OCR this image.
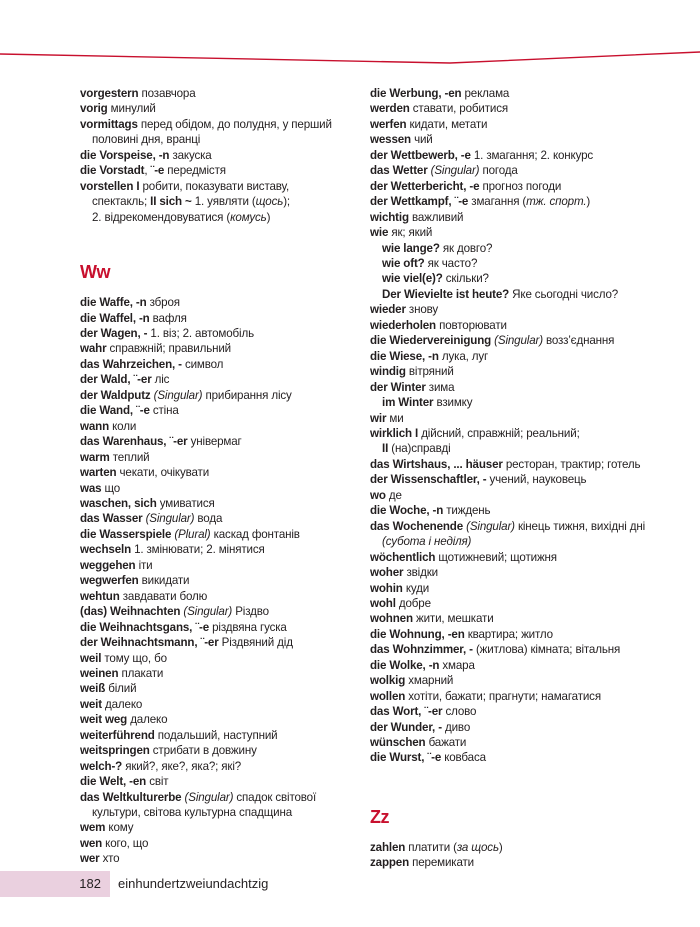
vorgestern позавчора
vorig минулий
vormittags перед обідом, до полудня, у перший
половині дня, вранці
die Vorspeise, -n закуска
die Vorstadt, ¨-e передмістя
vorstellen I робити, показувати виставу,
спектакль; II sich ~ 1. уявляти (щось);
2. відрекомендовуватися (комусь)
Ww
die Waffe, -n зброя
die Waffel, -n вафля
der Wagen, - 1. віз; 2. автомобіль
wahr справжній; правильний
das Wahrzeichen, - символ
der Wald, ¨-er ліс
der Waldputz (Singular) прибирання лісу
die Wand, ¨-e стіна
wann коли
das Warenhaus, ¨-er універмаг
warm теплий
warten чекати, очікувати
was що
waschen, sich умиватися
das Wasser (Singular) вода
die Wasserspiele (Plural) каскад фонтанів
wechseln 1. змінювати; 2. мінятися
weggehen іти
wegwerfen викидати
wehtun завдавати болю
(das) Weihnachten (Singular) Різдво
die Weihnachtsgans, ¨-e різдвяна гуска
der Weihnachtsmann, ¨-er Різдвяний дід
weil тому що, бо
weinen плакати
weiß білий
weit далеко
weit weg далеко
weiterführend подальший, наступний
weitspringen стрибати в довжину
welch-? який?, яке?, яка?; які?
die Welt, -en світ
das Weltkulturerbe (Singular) спадок світової
культури, світова культурна спадщина
wem кому
wen кого, що
wer хто
die Werbung, -en реклама
werden ставати, робитися
werfen кидати, метати
wessen чий
der Wettbewerb, -e 1. змагання; 2. конкурс
das Wetter (Singular) погода
der Wetterbericht, -e прогноз погоди
der Wettkampf, ¨-e змагання (тж. спорт.)
wichtig важливий
wie як; який
wie lange? як довго?
wie oft? як часто?
wie viel(e)? скільки?
Der Wievielte ist heute? Яке сьогодні число?
wieder знову
wiederholen повторювати
die Wiedervereinigung (Singular) возз’єднання
die Wiese, -n лука, луг
windig вітряний
der Winter зима
im Winter взимку
wir ми
wirklich I дійсний, справжній; реальний;
II (на)справді
das Wirtshaus, ... häuser ресторан, трактир; готель
der Wissenschaftler, - учений, науковець
wo де
die Woche, -n тиждень
das Wochenende (Singular) кінець тижня, вихідні дні
(субота і неділя)
wöchentlich щотижневий; щотижня
woher звідки
wohin куди
wohl добре
wohnen жити, мешкати
die Wohnung, -en квартира; житло
das Wohnzimmer, - (житлова) кімната; вітальня
die Wolke, -n хмара
wolkig хмарний
wollen хотіти, бажати; прагнути; намагатися
das Wort, ¨-er слово
der Wunder, - диво
wünschen бажати
die Wurst, ¨-e ковбаса
Zz
zahlen платити (за щось)
zappen перемикати
182 einhundertzweiundachtzig
